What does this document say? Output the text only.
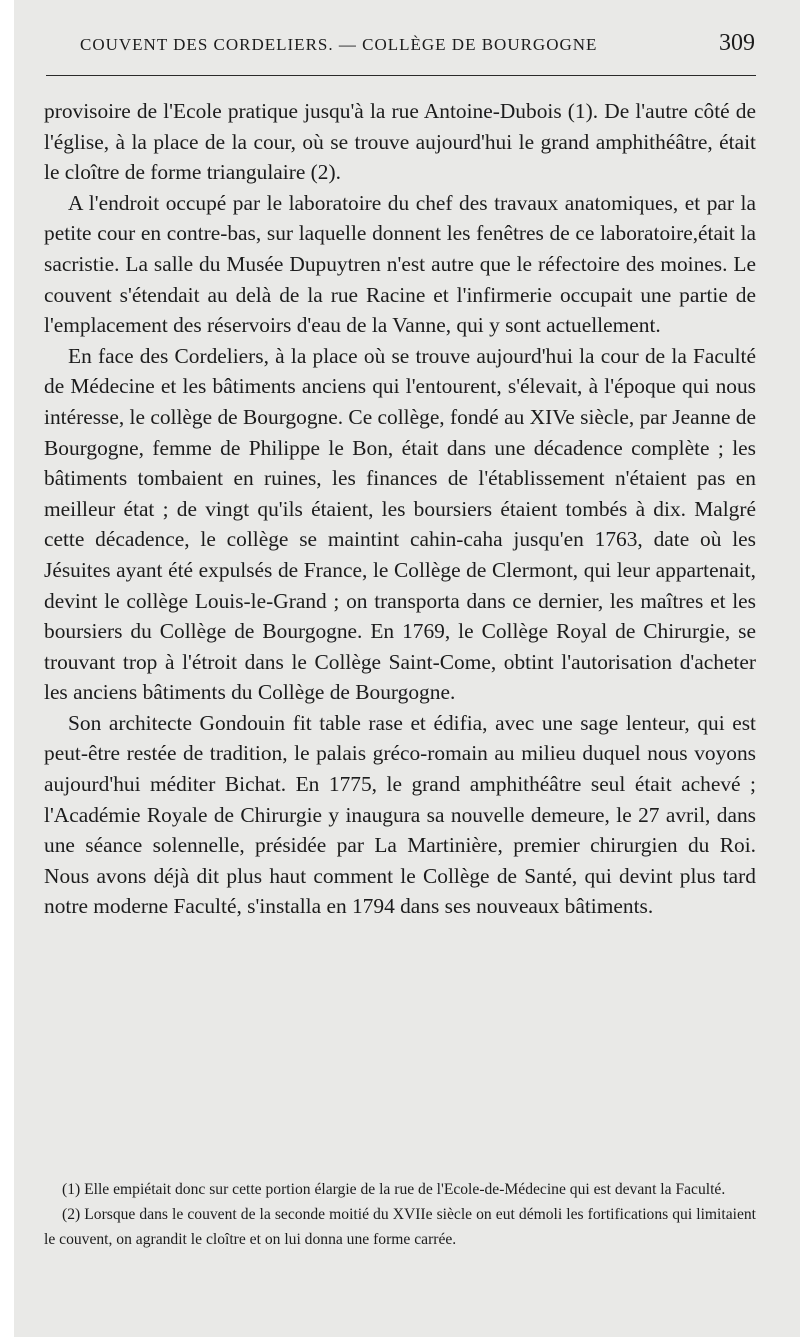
COUVENT DES CORDELIERS. — COLLÈGE DE BOURGOGNE	309

provisoire de l'Ecole pratique jusqu'à la rue Antoine-Dubois (1). De l'autre côté de l'église, à la place de la cour, où se trouve aujourd'hui le grand amphithéâtre, était le cloître de forme triangulaire (2).

A l'endroit occupé par le laboratoire du chef des travaux anatomiques, et par la petite cour en contre-bas, sur laquelle donnent les fenêtres de ce laboratoire,était la sacristie. La salle du Musée Dupuytren n'est autre que le réfectoire des moines. Le couvent s'étendait au delà de la rue Racine et l'infirmerie occupait une partie de l'emplacement des réservoirs d'eau de la Vanne, qui y sont actuellement.

En face des Cordeliers, à la place où se trouve aujourd'hui la cour de la Faculté de Médecine et les bâtiments anciens qui l'entourent, s'élevait, à l'époque qui nous intéresse, le collège de Bourgogne. Ce collège, fondé au XIVe siècle, par Jeanne de Bourgogne, femme de Philippe le Bon, était dans une décadence complète ; les bâtiments tombaient en ruines, les finances de l'établissement n'étaient pas en meilleur état ; de vingt qu'ils étaient, les boursiers étaient tombés à dix. Malgré cette décadence, le collège se maintint cahin-caha jusqu'en 1763, date où les Jésuites ayant été expulsés de France, le Collège de Clermont, qui leur appartenait, devint le collège Louis-le-Grand ; on transporta dans ce dernier, les maîtres et les boursiers du Collège de Bourgogne. En 1769, le Collège Royal de Chirurgie, se trouvant trop à l'étroit dans le Collège Saint-Come, obtint l'autorisation d'acheter les anciens bâtiments du Collège de Bourgogne.

Son architecte Gondouin fit table rase et édifia, avec une sage lenteur, qui est peut-être restée de tradition, le palais gréco-romain au milieu duquel nous voyons aujourd'hui méditer Bichat. En 1775, le grand amphithéâtre seul était achevé ; l'Académie Royale de Chirurgie y inaugura sa nouvelle demeure, le 27 avril, dans une séance solennelle, présidée par La Martinière, premier chirurgien du Roi. Nous avons déjà dit plus haut comment le Collège de Santé, qui devint plus tard notre moderne Faculté, s'installa en 1794 dans ses nouveaux bâtiments.

(1) Elle empiétait donc sur cette portion élargie de la rue de l'Ecole-de-Médecine qui est devant la Faculté.

(2) Lorsque dans le couvent de la seconde moitié du XVIIe siècle on eut démoli les fortifications qui limitaient le couvent, on agrandit le cloître et on lui donna une forme carrée.
